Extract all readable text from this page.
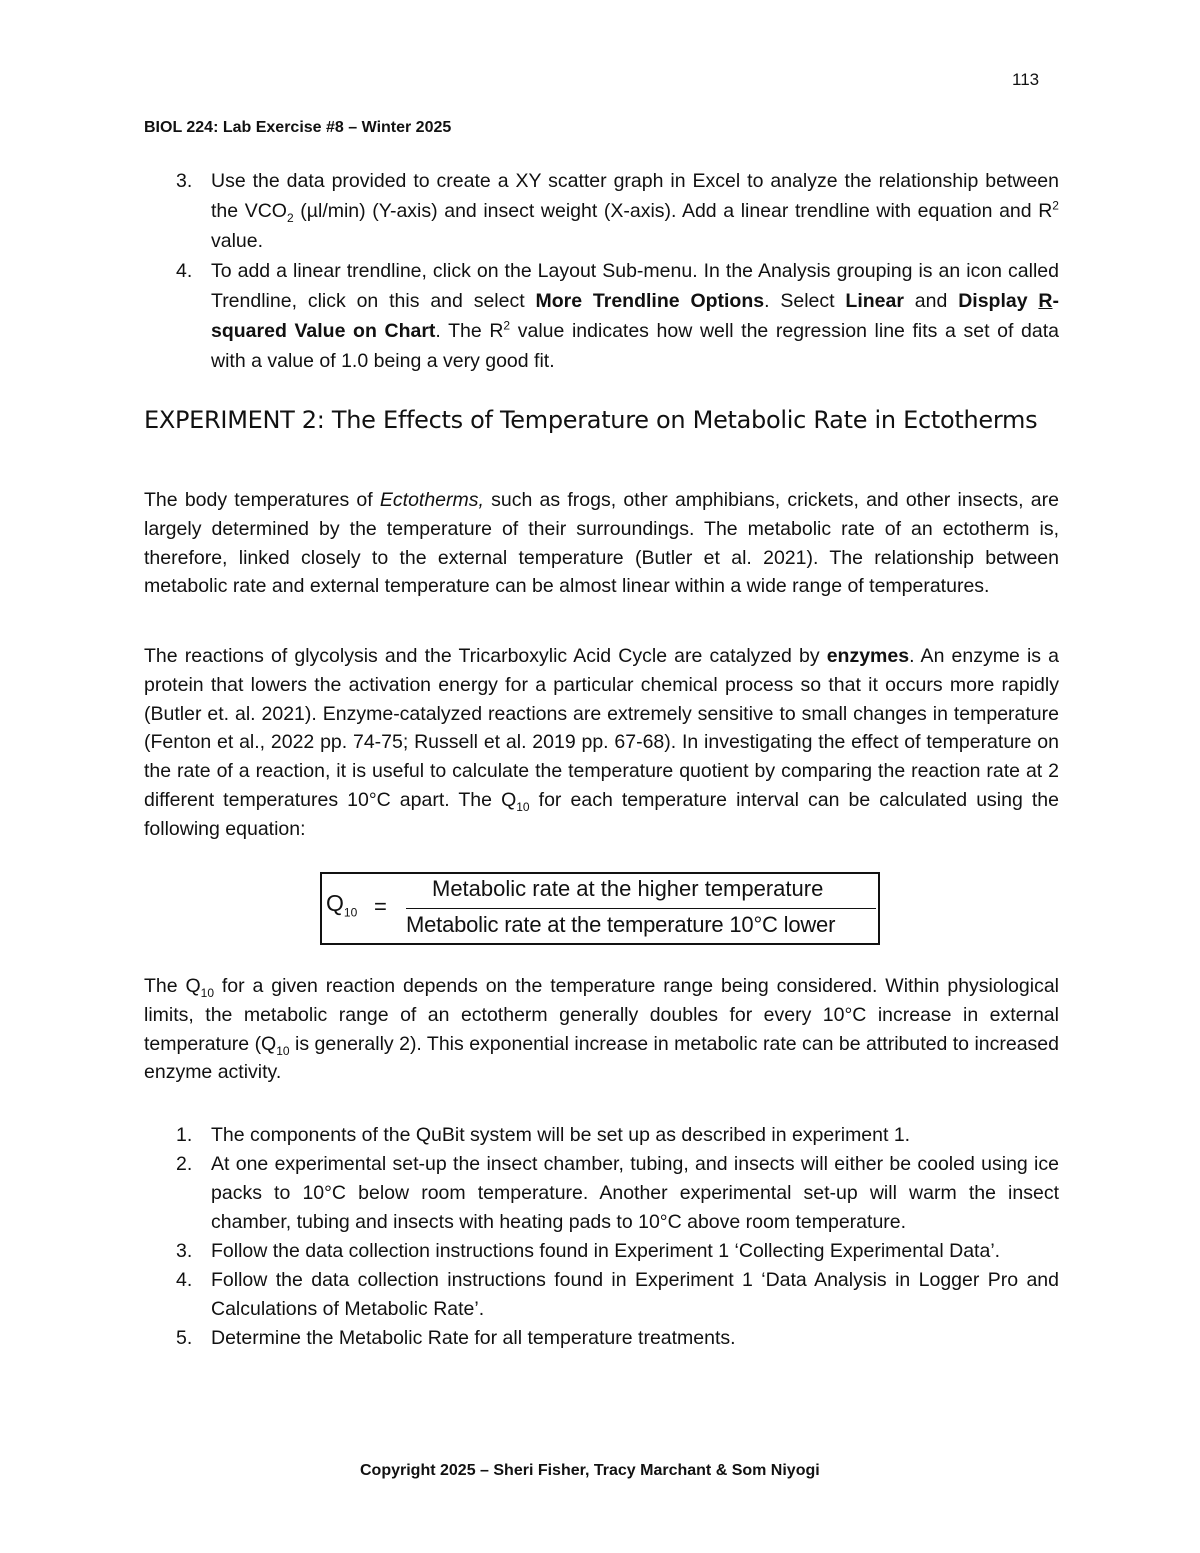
113
BIOL 224: Lab Exercise #8 – Winter 2025
3. Use the data provided to create a XY scatter graph in Excel to analyze the relationship between the $VCO_2$ (µl/min) (Y-axis) and insect weight (X-axis). Add a linear trendline with equation and $R^2$ value.
4. To add a linear trendline, click on the Layout Sub-menu. In the Analysis grouping is an icon called Trendline, click on this and select More Trendline Options. Select Linear and Display R-squared Value on Chart. The $R^2$ value indicates how well the regression line fits a set of data with a value of 1.0 being a very good fit.
EXPERIMENT 2: The Effects of Temperature on Metabolic Rate in Ectotherms

The body temperatures of Ectotherms, such as frogs, other amphibians, crickets, and other insects, are largely determined by the temperature of their surroundings. The metabolic rate of an ectotherm is, therefore, linked closely to the external temperature (Butler et al. 2021). The relationship between metabolic rate and external temperature can be almost linear within a wide range of temperatures.

The reactions of glycolysis and the Tricarboxylic Acid Cycle are catalyzed by enzymes. An enzyme is a protein that lowers the activation energy for a particular chemical process so that it occurs more rapidly (Butler et. al. 2021). Enzyme-catalyzed reactions are extremely sensitive to small changes in temperature (Fenton et al., 2022 pp. 74-75; Russell et al. 2019 pp. 67-68). In investigating the effect of temperature on the rate of a reaction, it is useful to calculate the temperature quotient by comparing the reaction rate at 2 different temperatures 10°C apart. The $Q_{10}$ for each temperature interval can be calculated using the following equation:

$Q_{10}$ =
Metabolic rate at the higher temperature
Metabolic rate at the temperature 10°C lower

The $Q_{10}$ for a given reaction depends on the temperature range being considered. Within physiological limits, the metabolic range of an ectotherm generally doubles for every 10°C increase in external temperature ($Q_{10}$ is generally 2). This exponential increase in metabolic rate can be attributed to increased enzyme activity.

1. The components of the QuBit system will be set up as described in experiment 1.
2. At one experimental set-up the insect chamber, tubing, and insects will either be cooled using ice packs to 10°C below room temperature. Another experimental set-up will warm the insect chamber, tubing and insects with heating pads to 10°C above room temperature.
3. Follow the data collection instructions found in Experiment 1 ‘Collecting Experimental Data’.
4. Follow the data collection instructions found in Experiment 1 ‘Data Analysis in Logger Pro and Calculations of Metabolic Rate’.
5. Determine the Metabolic Rate for all temperature treatments.
Copyright 2025 – Sheri Fisher, Tracy Marchant & Som Niyogi
